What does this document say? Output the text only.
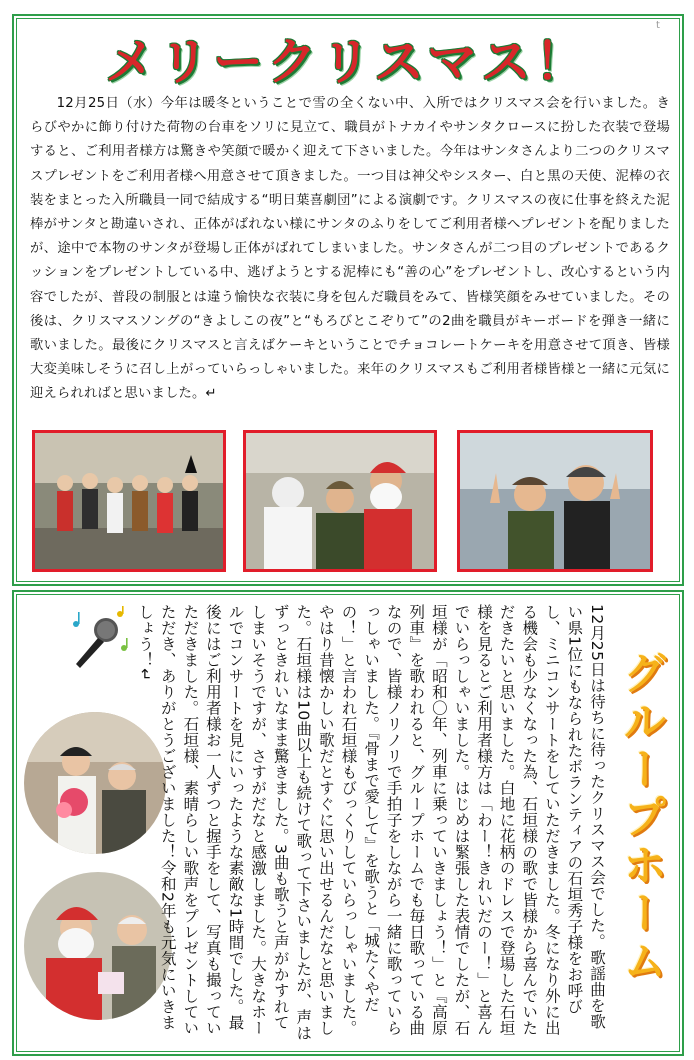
t
メリークリスマス！
12月25日（水）今年は暖冬ということで雪の全くない中、入所ではクリスマス会を行いました。きらびやかに飾り付けた荷物の台車をソリに見立て、職員がトナカイやサンタクロースに扮した衣装で登場すると、ご利用者様方は驚きや笑顔で暖かく迎えて下さいました。今年はサンタさんより二つのクリスマスプレゼントをご利用者様へ用意させて頂きました。一つ目は神父やシスター、白と黒の天使、泥棒の衣装をまとった入所職員一同で結成する“明日葉喜劇団”による演劇です。クリスマスの夜に仕事を終えた泥棒がサンタと勘違いされ、正体がばれない様にサンタのふりをしてご利用者様へプレゼントを配りましたが、途中で本物のサンタが登場し正体がばれてしまいました。サンタさんが二つ目のプレゼントであるクッションをプレゼントしている中、逃げようとする泥棒にも“善の心”をプレゼントし、改心するという内容でしたが、普段の制服とは違う愉快な衣装に身を包んだ職員をみて、皆様笑顔をみせていました。その後は、クリスマスソングの“きよしこの夜”と“もろびとこぞりて”の2曲を職員がキーボードを弾き一緒に歌いました。最後にクリスマスと言えばケーキということでチョコレートケーキを用意させて頂き、皆様大変美味しそうに召し上がっていらっしゃいました。来年のクリスマスもご利用者様皆様と一緒に元気に迎えられればと思いました。↵
グループホーム
12月25日は待ちに待ったクリスマス会でした。歌謡曲を歌い県1位にもなられたボランティアの石垣秀子様をお呼びし、ミニコンサートをしていただきました。冬になり外に出る機会も少なくなった為、石垣様の歌で皆様から喜んでいただきたいと思いました。白地に花柄のドレスで登場した石垣様を見るとご利用者様方は「わー！きれいだのー！」と喜んでいらっしゃいました。はじめは緊張した表情でしたが、石垣様が「昭和〇年、列車に乗っていきましょう！」と『高原列車』を歌われると、グループホームでも毎日歌っている曲なので、皆様ノリノリで手拍子をしながら一緒に歌っていらっしゃいました。『骨まで愛して』を歌うと「城たくやだの！」と言われ石垣様もびっくりしていらっしゃいました。やはり昔懐かしい歌だとすぐに思い出せるんだなと思いました。石垣様は10曲以上も続けて歌って下さいましたが、声はずっときれいなまま驚きました。3曲も歌うと声がかすれてしまいそうですが、さすがだなと感激しました。大きなホールでコンサートを見にいったような素敵な1時間でした。最後にはご利用者様お一人ずつと握手をして、写真も撮っていただきました。石垣様、素晴らしい歌声をプレゼントしていただき、ありがとうございました！令和2年も元気にいきましょう！↵
